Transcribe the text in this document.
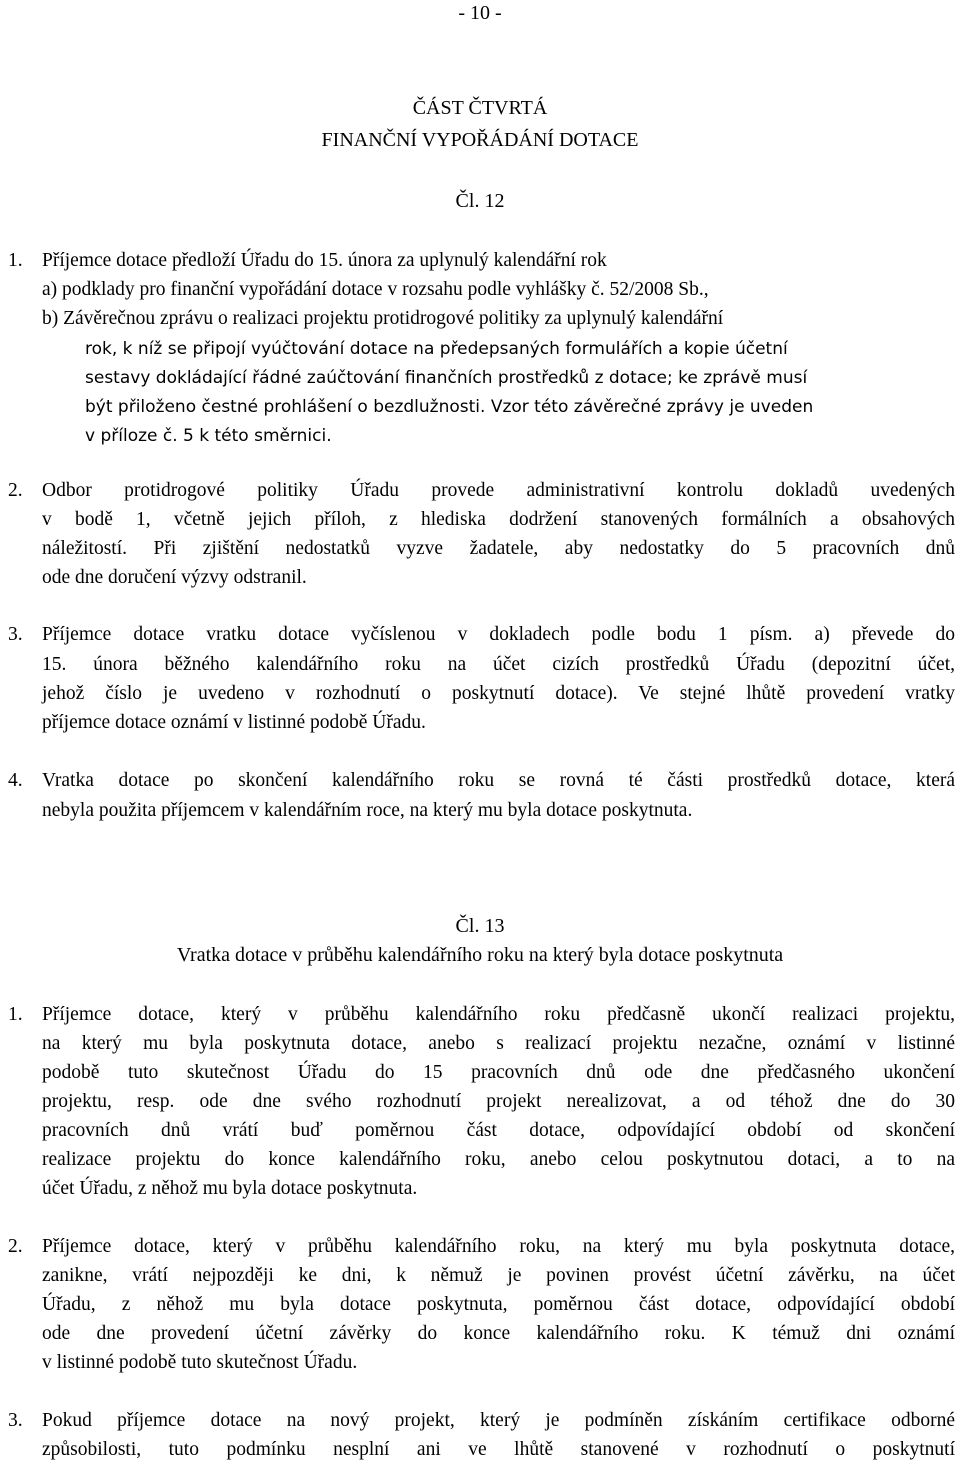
- 10 -
ČÁST ČTVRTÁ
FINANČNÍ VYPOŘÁDÁNÍ DOTACE
Čl. 12
1. Příjemce dotace předloží Úřadu do 15. února za uplynulý kalendářní rok
a) podklady pro finanční vypořádání dotace v rozsahu podle vyhlášky č. 52/2008 Sb.,
b) Závěrečnou zprávu o realizaci projektu protidrogové politiky za uplynulý kalendářní
rok, k níž se připojí vyúčtování dotace na předepsaných formulářích a kopie účetní
sestavy dokládající řádné zaúčtování finančních prostředků z dotace; ke zprávě musí
být přiloženo čestné prohlášení o bezdlužnosti. Vzor této závěrečné zprávy je uveden
v příloze č. 5 k této směrnici.
2. Odbor protidrogové politiky Úřadu provede administrativní kontrolu dokladů uvedených
v bodě 1, včetně jejich příloh, z hlediska dodržení stanovených formálních a obsahových
náležitostí. Při zjištění nedostatků vyzve žadatele, aby nedostatky do 5 pracovních dnů
ode dne doručení výzvy odstranil.
3. Příjemce dotace vratku dotace vyčíslenou v dokladech podle bodu 1 písm. a) převede do
15. února běžného kalendářního roku na účet cizích prostředků Úřadu (depozitní účet,
jehož číslo je uvedeno v rozhodnutí o poskytnutí dotace). Ve stejné lhůtě provedení vratky
příjemce dotace oznámí v listinné podobě Úřadu.
4. Vratka dotace po skončení kalendářního roku se rovná té části prostředků dotace, která
nebyla použita příjemcem v kalendářním roce, na který mu byla dotace poskytnuta.
Čl. 13
Vratka dotace v průběhu kalendářního roku na který byla dotace poskytnuta
1. Příjemce dotace, který v průběhu kalendářního roku předčasně ukončí realizaci projektu,
na který mu byla poskytnuta dotace, anebo s realizací projektu nezačne, oznámí v listinné
podobě tuto skutečnost Úřadu do 15 pracovních dnů ode dne předčasného ukončení
projektu, resp. ode dne svého rozhodnutí projekt nerealizovat, a od téhož dne do 30
pracovních dnů vrátí buď poměrnou část dotace, odpovídající období od skončení
realizace projektu do konce kalendářního roku, anebo celou poskytnutou dotaci, a to na
účet Úřadu, z něhož mu byla dotace poskytnuta.
2. Příjemce dotace, který v průběhu kalendářního roku, na který mu byla poskytnuta dotace,
zanikne, vrátí nejpozději ke dni, k němuž je povinen provést účetní závěrku, na účet
Úřadu, z něhož mu byla dotace poskytnuta, poměrnou část dotace, odpovídající období
ode dne provedení účetní závěrky do konce kalendářního roku. K témuž dni oznámí
v listinné podobě tuto skutečnost Úřadu.
3. Pokud příjemce dotace na nový projekt, který je podmíněn získáním certifikace odborné
způsobilosti, tuto podmínku nesplní ani ve lhůtě stanovené v rozhodnutí o poskytnutí
